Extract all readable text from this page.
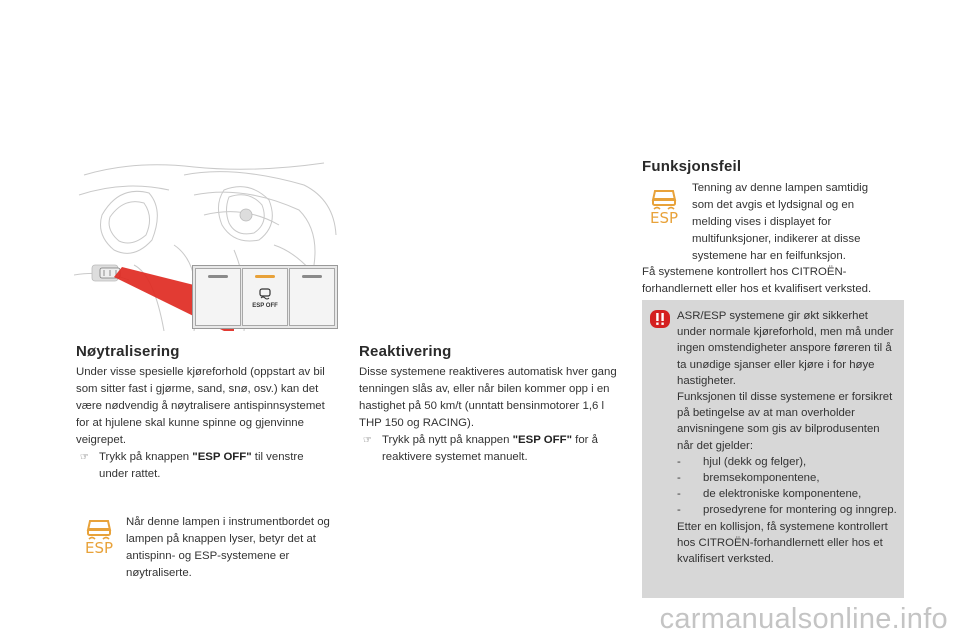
ESP OFF
Nøytralisering

Under visse spesielle kjøreforhold (oppstart av bil som sitter fast i gjørme, sand, snø, osv.) kan det være nødvendig å nøytralisere antispinnsystemet for at hjulene skal kunne spinne og gjenvinne veigrepet.

☞ Trykk på knappen "ESP OFF" til venstre under rattet.
ESP
Når denne lampen i instrumentbordet og lampen på knappen lyser, betyr det at antispinn- og ESP-systemene er nøytraliserte.
Reaktivering

Disse systemene reaktiveres automatisk hver gang tenningen slås av, eller når bilen kommer opp i en hastighet på 50 km/t (unntatt bensinmotorer 1,6 l THP 150 og RACING).

☞ Trykk på nytt på knappen "ESP OFF" for å reaktivere systemet manuelt.
Funksjonsfeil
ESP
Tenning av denne lampen samtidig som det avgis et lydsignal og en melding vises i displayet for multifunksjoner, indikerer at disse systemene har en feilfunksjon.
Få systemene kontrollert hos CITROËN-forhandlernett eller hos et kvalifisert verksted.

ASR/ESP systemene gir økt sikkerhet under normale kjøreforhold, men må under ingen omstendigheter anspore føreren til å ta unødige sjanser eller kjøre i for høye hastigheter.

Funksjonen til disse systemene er forsikret på betingelse av at man overholder anvisningene som gis av bilprodusenten når det gjelder:

- hjul (dekk og felger),
- bremsekomponentene,
- de elektroniske komponentene,
- prosedyrene for montering og inngrep.

Etter en kollisjon, få systemene kontrollert hos CITROËN-forhandlernett eller hos et kvalifisert verksted.

carmanualsonline.info
